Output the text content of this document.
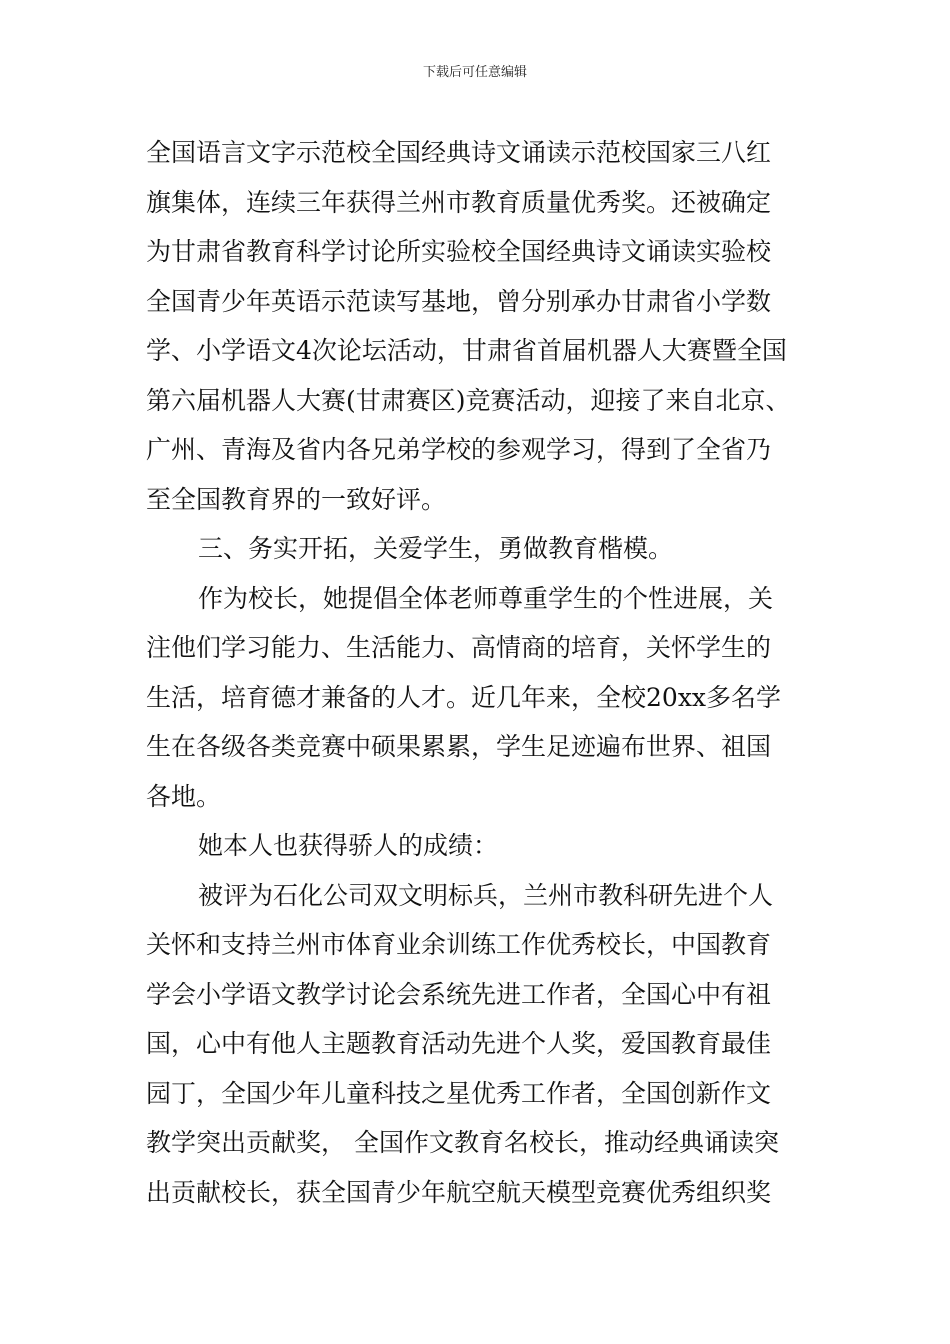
下载后可任意编辑
全国语言文字示范校全国经典诗文诵读示范校国家三八红
旗集体，连续三年获得兰州市教育质量优秀奖。还被确定
为甘肃省教育科学讨论所实验校全国经典诗文诵读实验校
全国青少年英语示范读写基地，曾分别承办甘肃省小学数
学、小学语文4次论坛活动，甘肃省首届机器人大赛暨全国
第六届机器人大赛(甘肃赛区)竞赛活动，迎接了来自北京、
广州、青海及省内各兄弟学校的参观学习，得到了全省乃
至全国教育界的一致好评。
三、务实开拓，关爱学生，勇做教育楷模。
作为校长，她提倡全体老师尊重学生的个性进展，关
注他们学习能力、生活能力、高情商的培育，关怀学生的
生活，培育德才兼备的人才。近几年来，全校20xx多名学
生在各级各类竞赛中硕果累累，学生足迹遍布世界、祖国
各地。
她本人也获得骄人的成绩：
被评为石化公司双文明标兵，兰州市教科研先进个人
关怀和支持兰州市体育业余训练工作优秀校长，中国教育
学会小学语文教学讨论会系统先进工作者，全国心中有祖
国，心中有他人主题教育活动先进个人奖，爱国教育最佳
园丁，全国少年儿童科技之星优秀工作者，全国创新作文
教学突出贡献奖， 全国作文教育名校长，推动经典诵读突
出贡献校长，获全国青少年航空航天模型竞赛优秀组织奖
